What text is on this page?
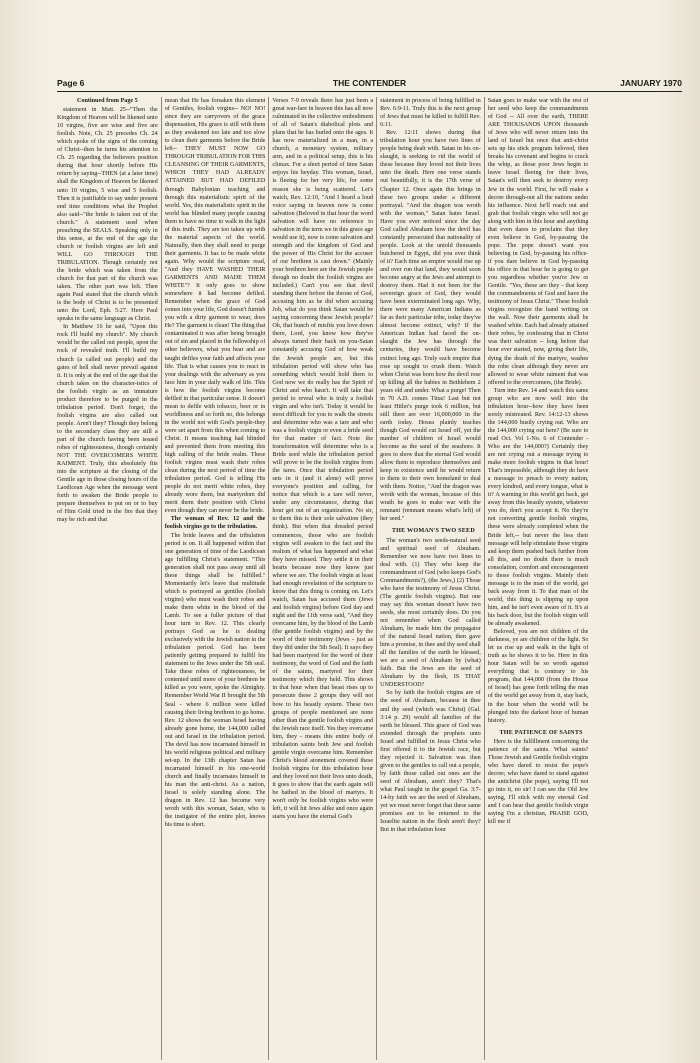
Page 6	THE CONTENDER	JANUARY 1970

Continued from Page 5

statement in Matt. 25--"Then the Kingdom of Heaven will be likened unto 10 virgins, five are wise and five are foolish. Note, Ch. 25 precedes Ch. 24 which spoke of the signs of the coming of Christ--then he turns his attention to Ch. 25 regarding the believers position during that hour shortly before His return by saying--THEN (at a later time) shall the Kingdom of Heaven be likened unto 10 virgins, 5 wise and 5 foolish. Then it is justifiable to say under present end time conditions what the Prophet also said--"the bride is taken out of the church." A statement used when preaching the SEALS. Speaking only in this sense, at the end of the age the church or foolish virgins are left and WILL GO THROUGH THE TRIBULATION. Though certainly not the bride which was taken from the church for that part of the church was taken. The other part was left. Then again Paul stated that the church which is the body of Christ is to be presented unto the Lord, Eph. 5:27. Here Paul speaks in the same language as Christ.

In Matthew 16 he said, "Upon this rock I'll build my church". My church would be the called out people, upon the rock of revealed truth. I'll build my church (a called out people) and the gates of hell shall never prevail against it. It is only at the end of the age that the church takes on the character-istics of the foolish virgin as an immature product therefore to be purged in the tribulation period. Don't forget, the foolish virgins are also called out people. Aren't they? Though they belong to the secondary class they are still a part of the church having been issued robes of righteousness, though certainly NOT THE OVERCOMERS WHITE RAIMENT. Truly, this absolutely fits into the scripture at the closing of the Gentile age in those closing hours of the Laodicean Age when the message went forth to awaken the Bride people to prepare themselves to put on or to buy of Him Gold tried in the fire that they may be rich and that

mean that He has forsaken this element of Gentiles, foolish virgins-- NO! NO! since they are carryovers of the grace dispensation, His grace is still with them as they awakened too late and too slow to clean their garments before the Bride left-- THEY MUST NOW GO THROUGH TRIBULATION FOR THIS CLEANSING OF THEIR GARMENTS, WHICH THEY HAD ALREADY ATTAINED BUT HAD DEFILED through Babylonian teaching and through this materialistic spirit of the world. Yes, this materialistic spirit in the world has blinded many people causing them to have no time to walk in the light of this truth. They are too taken up with the material aspects of the world. Naturally, then they shall need to purge their garments. It has to be made white again. Why would the scripture read, "And they HAVE WASHED THEIR GARMENTS AND MADE THEM WHITE"? It only goes to show somewhere it had become defiled. Remember when the grace of God comes into your life, God doesn't furnish you with a dirty garment to wear, does He? The garment is clean! The thing that contaminated it was after being brought out of sin and placed in the fellowship of other believers, what you hear and are taught defiles your faith and affects your life. That is what causes you to react in your dealings with the adversary as you face him in your daily walk of life. This is how the foolish virgins become defiled in that particular sense. It doesn't mean to defile with tobacco, beer or in worldliness and so forth no, this belongs in the world not with God's people-they were set apart from this when coming to Christ. It means teaching had blinded and prevented them from meeting this high calling of the bride realm. These foolish virgins must wash their robes clean during the next period of time the tribulation period. God is telling His people do not merit white robes, they already wore them, but martyrdom did merit them their position with Christ even though they can never be the bride.

The woman of Rev. 12 and the foolish virgins go to the tribulation.

The bride leaves and the tribulation period is on. It all happened within that one generation of time of the Laodicean age fulfilling Christ's statement. "This generation shall not pass away until all these things shall be fulfilled." Momentarily let's leave that multitude which is portrayed as gentiles (foolish virgins) who must wash their robes and make them white in the blood of the Lamb. To see a fuller picture of that hour turn to Rev. 12. This clearly portrays God as he is dealing exclusively with the Jewish nation in the tribulation period. God has been patiently getting prepared to fulfill his statement to the Jews under the 5th seal. Take these robes of righteousness, be contented until more of your brethren be killed as you were, spoke the Almighty. Remember World War II brought the 5th Seal - where 6 million were killed causing their living brethren to go home. Rev. 12 shows the woman Israel having already gone home, the 144,000 called out and Israel in the tribulation period. The devil has now incarnated himself in his world religious political and military set-up. In the 13th chapter Satan has incarnated himself in his one-world church and finally incarnates himself in his man the anti-christ. As a nation, Israel is solely standing alone. The dragon in Rev. 12 has become very wroth with this woman, Satan, who is the instigator of the entire plot, knows his time is short.

Verses 7-9 reveals there has just been a great war-fare in heaven this has all now culminated in the collective embodiment of all of Satan's diabolical plots and plans that he has hurled onto the ages. It has now materialized in a man, in a church, a monetary system, military arm, and in a political setup, this is his climax. For a short period of time Satan enjoys his heyday. This woman, Israel, is fleeing for her very life, for some reason she is being scattered. Let's watch, Rev. 12:10, "And I heard a loud voice saying in heaven now is come salvation (Beloved in that hour the word salvation will have no reference to salvation in the term we in this grace age would use it), now is come salvation and strength and the kingdom of God and the power of His Christ for the accuser of our brethren is cast down." (Mainly your brethren here are the Jewish people though no doubt the foolish virgins are included.) Can't you see that devil standing there before the throne of God, accusing him as he did when accusing Job, what do you think Satan would be saying concerning these Jewish people? Oh, that bunch of misfits you love down there, Lord, you know how they've always turned their back on you-Satan constantly accusing God of how weak the Jewish people are, but this tribulation period will show who has something which would hold them to God now we do really has the Spirit of Christ and who hasn't. It will take that period to reveal who is truly a foolish virgin and who isn't. Today it would be most difficult for you to walk the streets and determine who was a tare and who was a foolish virgin or even a bride seed for that matter of fact. Note the transformation will determine who is a Bride seed while the tribulation period will prove to be the foolish virgins from the tares. Once that tribulation period sets in it (and it alone) will prove everyone's position and calling, for notice that which is a tare will never, under any circumstance, during that hour get out of an organization. No sir, to them this is their sole salvation (they think). But when that dreaded period commences, those who are foolish virgins will awaken to the fact and the realism of what has happened and what they have missed. They settle it in their hearts because now they know just where we are. The foolish virgin at least had enough revelation of the scripture to know that this thing is coming on. Let's watch, Satan has accused them (Jews and foolish virgins) before God day and night and the 11th verse said, "And they overcame him, by the blood of the Lamb (the gentile foolish virgins) and by the word of their testimony (Jews - just as they did under the 5th Seal). It says they had been martyred for the word of their testimony, the word of God and the faith of the saints, martyred for their testimony which they held. This shows in that hour when that beast rises up to persecute these 2 groups they will not bow to his beastly system. These two groups of people mentioned are none other than the gentile foolish virgins and the Jewish race itself. Yes they overcame him, they - means this entire body of tribulation saints both Jew and foolish gentile virgin overcame him. Remember Christ's blood atonement covered these foolish virgins for this tribulation hour and they loved not their lives unto death, it goes to show that the earth again will be bathed in the blood of martyrs. It won't only be foolish virgins who were left, it will hit Jews alike and once again starts you have the eternal God's

statement in process of being fulfilled in Rev. 6:9-11. Truly this is the next group of Jews that must be killed to fulfill Rev. 6:11.

Rev. 12:11 shows during that tribulation hour you have two lines of people being dealt with. Satan in his on-slaught, is seeking to rid the world of these because they loved not their lives unto the death. Here one verse stands out beautifully, it is the 17th verse of Chapter 12. Once again this brings in these two groups under a different portrayal. "And the dragon was wroth with the woman," Satan hates Israel. Have you ever noticed since the day God called Abraham how the devil has constantly persecuted that nationality of people. Look at the untold thousands butchered in Egypt, did you ever think of it? Each time an empire would rise up and over run that land, they would soon become angry at the Jews and attempt to destroy them. Had it not been for the sovereign grace of God, they would have been exterminated long ago. Why, there were many American Indians as far as their particular tribe, today they've almost become extinct, why? If the American Indian had faced the on-slaught the Jew has through the centuries, they would have become extinct long ago. Truly each empire that rose up sought to crush them. Watch when Christ was born how the devil rose up killing all the babies in Bethlehem 2 years old and under. What a purge! Then in 70 A.D. comes Titus! Last but not least Hitler's purge took 6 million, but still there are over 16,000,000 in the earth today. Hosea plainly teaches though God would cut Israel off, yet the number of children of Israel would become as the sand of the seashore. It goes to show that the eternal God would allow them to reproduce themselves and keep in existence until he would return to them to their own homeland to deal with them. Notice, "And the dragon was wroth with the woman, because of this wrath he goes to make war with the remnant (remnant means what's left) of her seed."

THE WOMAN'S TWO SEED

The woman's two seeds-natural seed and spiritual seed of Abraham. Remember we now have two lines to deal with. (1) They who keep the commandment of God (who keeps God's Commandments?), (the Jews,) (2) Those who have the testimony of Jesus Christ. (The gentile foolish virgins). But one may say this woman doesn't have two seeds, she most certainly does. Do you not remember when God called Abraham, he made him the propagator of the natural Israel nation, then gave him a promise, in thee and thy seed shall all the families of the earth be blessed, we are a seed of Abraham by (what) faith. But the Jews are the seed of Abraham by the flesh, IS THAT UNDERSTOOD?

So by faith the foolish virgins are of the seed of Abraham, because in thee and thy seed (which was Christ) (Gal. 3:14 p. 29) would all families of the earth be blessed. This grace of God was extended through the prophets unto Israel and fulfilled in Jesus Christ who first offered it to the Jewish race, but they rejected it. Salvation was then given to the gentiles to call out a people, by faith those called out ones are the seed of Abraham, aren't they? That's what Paul taught in the gospel Ga. 3:7-14-by faith we are the seed of Abraham, yet we must never forget that these same promises are to be returned to the Israelite nation in the flesh aren't they? But in that tribulation hour

Satan goes to make war with the rest of her seed who keep the commandments of God -- All over the earth, THERE ARE THOUSANDS UPON thousands of Jews who will never return into the land of Israel but once that anti-christ sets up his stick program beloved, then breaks his covenant and begins to crack the whip, as those poor Jews begin to leave Israel fleeing for their lives, Satan's will then seek to destroy every Jew in the world. First, he will make a decree through-out all the nations under his influence. Next he'll reach out and grab that foolish virgin who will not go along with him in this hour and anything that even dares to proclaim that they even believe in God, by-passing the pope. The pope doesn't want you believing in God, by-passing his office-if you dare believe in God by-passing his office in that hour he is going to get you regardless whether you're Jew or Gentile. "Yes, these are they - that keep the commandments of God and have the testimony of Jesus Christ." These foolish virgins recognize the hand writing on the wall. Now their garments shall be washed white. Each had already attained their robes, by confessing that in Christ was their salvation -- long before that hour ever started, now, giving their life, dying the death of the martyre, washes the robe clean although they never are allowed to wear white raiment that was offered to the overcomers, (the Bride).

Turn into Rev. 14 and watch this same group who are now well into the tribulation hour--how they have been sorely mistreated. Rev. 14:12-13 shows the 144,000 busily crying out. Who are the 144,000 crying out here? (Be sure to read Oct. Vol 1-No. 6 of Contender - Who are the 144,000?) Certainly they are not crying out a message trying to make more foolish virgins in that hour! That's impossible, although they do have a message to preach to every nation, every kindred, and every tongue, what is it? A warning to this world get back, get away from this beastly system, whatever you do, don't you accept it. No they're not converting gentile foolish virgins, these were already completed when the Bride left,-- but never the less their message will help stimulate these virgins and keep them pushed back further from all this, and no doubt there is much consolation, comfort and encouragement to those foolish virgins. Mainly their message is to the man of the world, get back away from it. To that man of the world, this thing is slipping up upon him, and he isn't even aware of it. It's at his back door, but the foolish virgin will be already awakened.

Beloved, you are not children of the darkness, ye are children of the light. So let us rise up and walk in the light of truth as he shows it to be. Here in this hour Satan will be so wroth against everything that is contrary to his program, that 144,000 (from the House of Israel) has gone forth telling the man of the world get away from it, stay back, in the hour when the world will be plunged into the darkest hour of human history.

THE PATIENCE OF SAINTS

Here is the fulfillment concerning the patience of the saints. What saints? Those Jewish and Gentile foolish virgins who have dared to resist the pope's decree; who have dared to stand against the antichrist (the pope), saying I'll not go into it, no sir! I can see the Old Jew saying, I'll stick with my eternal God and I can hear that gentile foolish virgin saying I'm a christian, PRAISE GOD, kill me if
